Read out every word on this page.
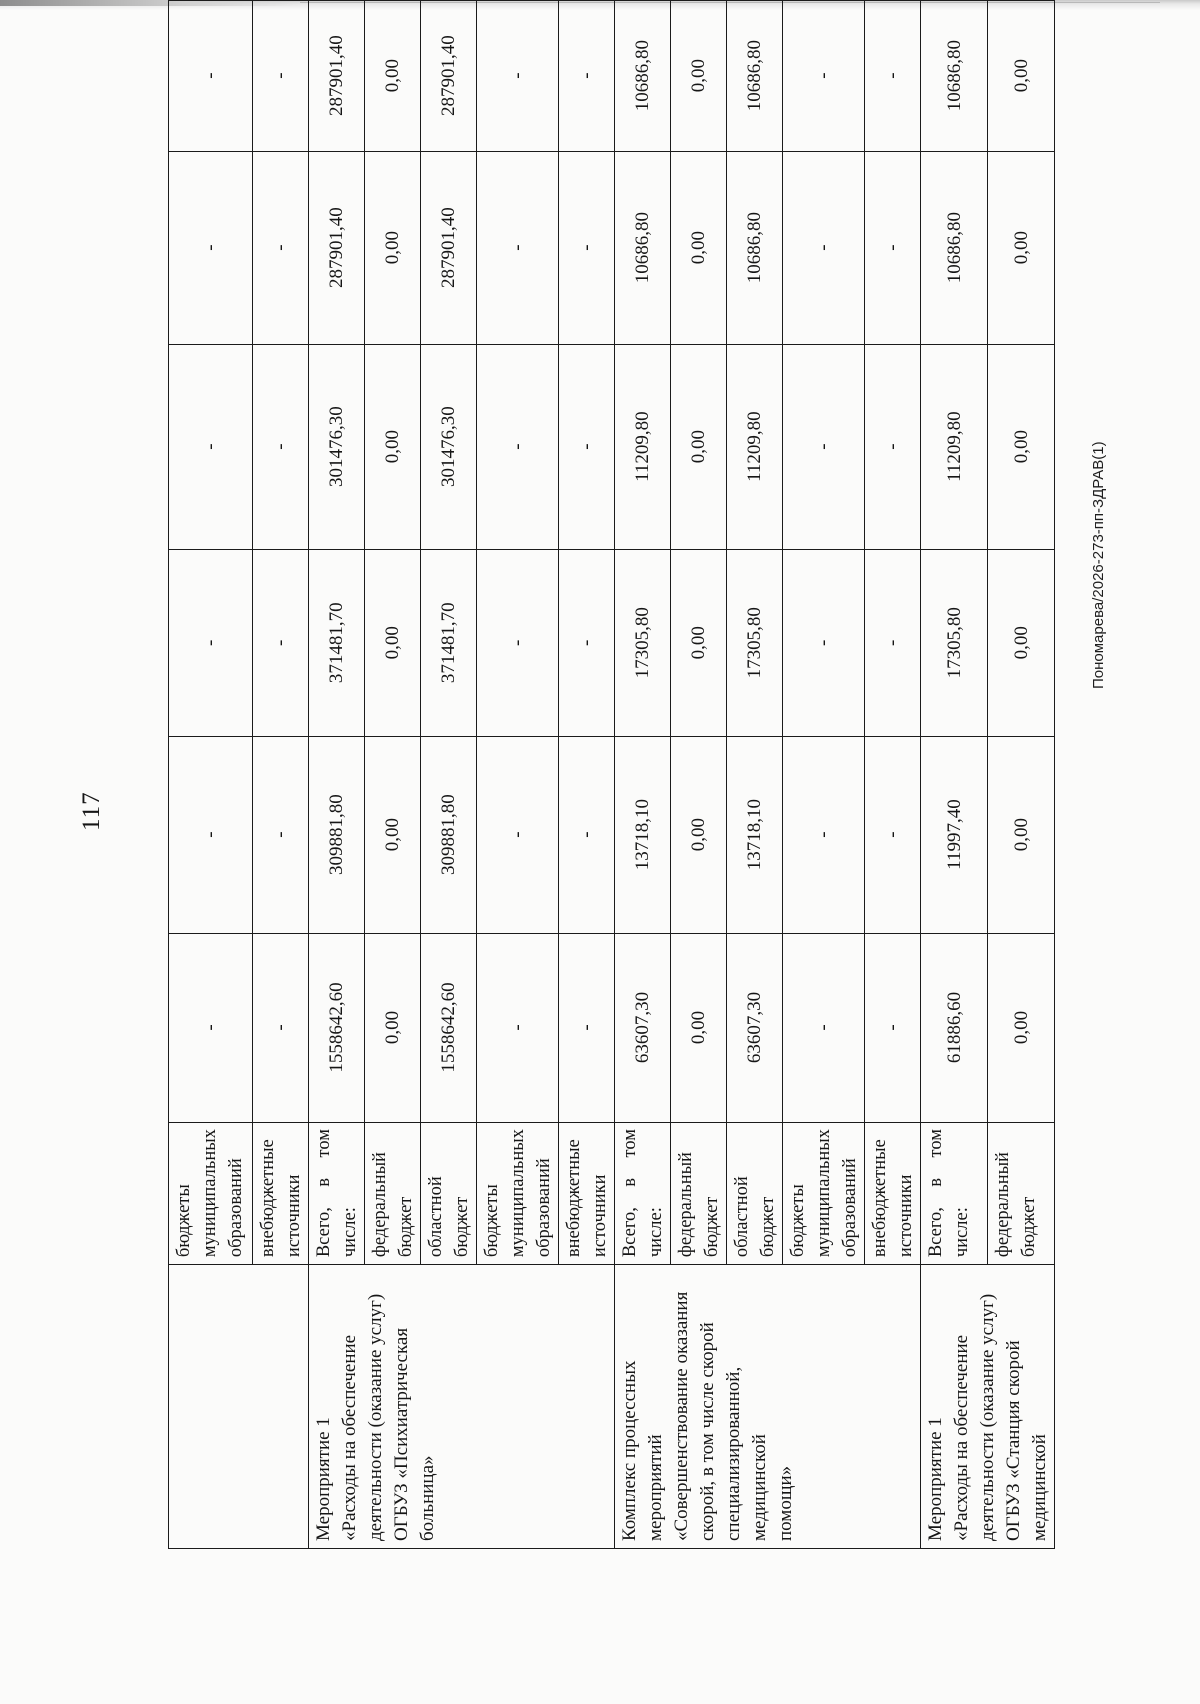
117

	бюджеты муниципальных образований	-	-	-	-	-	-

	внебюджетные источники	-	-	-	-	-	-

Мероприятие 1 «Расходы на обеспечение деятельности (оказание услуг) ОГБУЗ «Психиатрическая больница»	Всего, в том числе:	1558642,60	309881,80	371481,70	301476,30	287901,40	287901,40

	федеральный бюджет	0,00	0,00	0,00	0,00	0,00	0,00

	областной бюджет	1558642,60	309881,80	371481,70	301476,30	287901,40	287901,40

	бюджеты муниципальных образований	-	-	-	-	-	-

	внебюджетные источники	-	-	-	-	-	-

Комплекс процессных мероприятий «Совершенствование оказания скорой, в том числе скорой специализированной, медицинской помощи»	Всего, в том числе:	63607,30	13718,10	17305,80	11209,80	10686,80	10686,80

	федеральный бюджет	0,00	0,00	0,00	0,00	0,00	0,00

	областной бюджет	63607,30	13718,10	17305,80	11209,80	10686,80	10686,80

	бюджеты муниципальных образований	-	-	-	-	-	-

	внебюджетные источники	-	-	-	-	-	-

Мероприятие 1 «Расходы на обеспечение деятельности (оказание услуг) ОГБУЗ «Станция скорой медицинской	Всего, в том числе:	61886,60	11997,40	17305,80	11209,80	10686,80	10686,80

	федеральный бюджет	0,00	0,00	0,00	0,00	0,00	0,00
Пономарева/2026-273-пп-ЗДРАВ(1)
